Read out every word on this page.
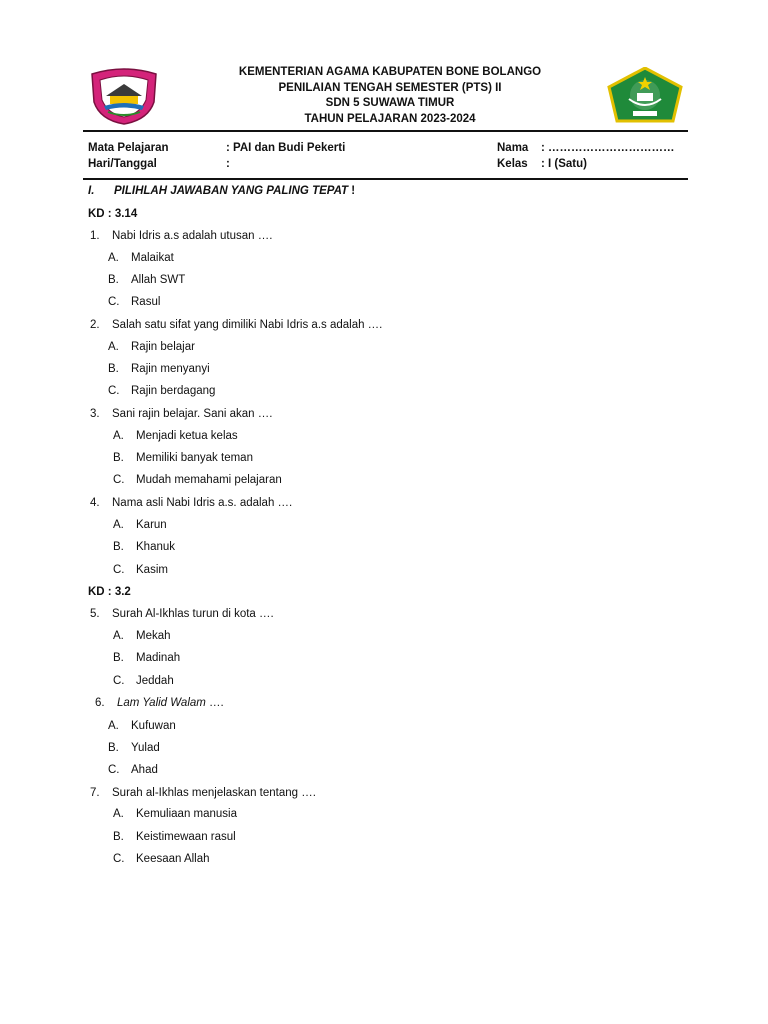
KEMENTERIAN AGAMA KABUPATEN BONE BOLANGO
PENILAIAN TENGAH SEMESTER (PTS) II
SDN 5 SUWAWA TIMUR
TAHUN PELAJARAN 2023-2024
Mata Pelajaran	: PAI dan Budi Pekerti
Hari/Tanggal	:
Nama : ……………………………
Kelas : I (Satu)
I. PILIHLAH JAWABAN YANG PALING TEPAT !
KD : 3.14
1. Nabi Idris a.s adalah utusan ….
A. Malaikat
B. Allah SWT
C. Rasul
2. Salah satu sifat yang dimiliki Nabi Idris a.s adalah ….
A. Rajin belajar
B. Rajin menyanyi
C. Rajin berdagang
3. Sani rajin belajar. Sani akan ….
A. Menjadi ketua kelas
B. Memiliki banyak teman
C. Mudah memahami pelajaran
4. Nama asli Nabi Idris a.s. adalah ….
A. Karun
B. Khanuk
C. Kasim
KD : 3.2
5. Surah Al-Ikhlas turun di kota ….
A. Mekah
B. Madinah
C. Jeddah
6. Lam Yalid Walam ….
A. Kufuwan
B. Yulad
C. Ahad
7. Surah al-Ikhlas menjelaskan tentang ….
A. Kemuliaan manusia
B. Keistimewaan rasul
C. Keesaan Allah
